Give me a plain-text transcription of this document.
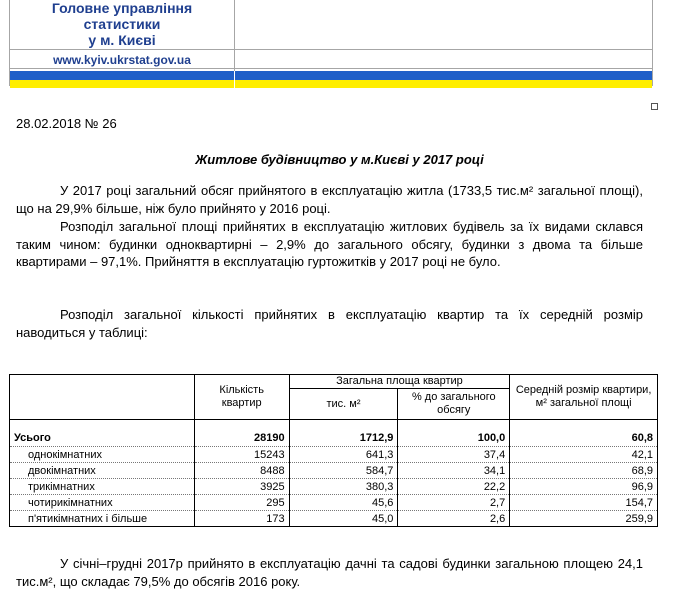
Головне управління
статистики
у м. Києві
www.kyiv.ukrstat.gov.ua
28.02.2018 № 26
Житлове будівництво у м.Києві у 2017 році
У 2017 році загальний обсяг прийнятого в експлуатацію житла (1733,5 тис.м² загальної площі), що на 29,9% більше, ніж було прийнято у 2016 році.
Розподіл загальної площі прийнятих в експлуатацію житлових будівель за їх видами склався таким чином: будинки одноквартирні – 2,9% до загального обсягу, будинки з двома та більше квартирами – 97,1%. Прийняття в експлуатацію гуртожитків у 2017 році не було.
Розподіл загальної кількості прийнятих в експлуатацію квартир та їх середній розмір наводиться у таблиці:
	Кількість квартир	Загальна площа квартир		Середній розмір квартири, м² загальної площі
		тис. м²	% до загального обсягу	

Усього	28190	1712,9	100,0	60,8
однокімнатних	15243	641,3	37,4	42,1
двокімнатних	8488	584,7	34,1	68,9
трикімнатних	3925	380,3	22,2	96,9
чотирикімнатних	295	45,6	2,7	154,7
п'ятикімнатних і більше	173	45,0	2,6	259,9
У січні–грудні 2017р прийнято в експлуатацію дачні та садові будинки загальною площею 24,1 тис.м², що складає 79,5% до обсягів 2016 року.
